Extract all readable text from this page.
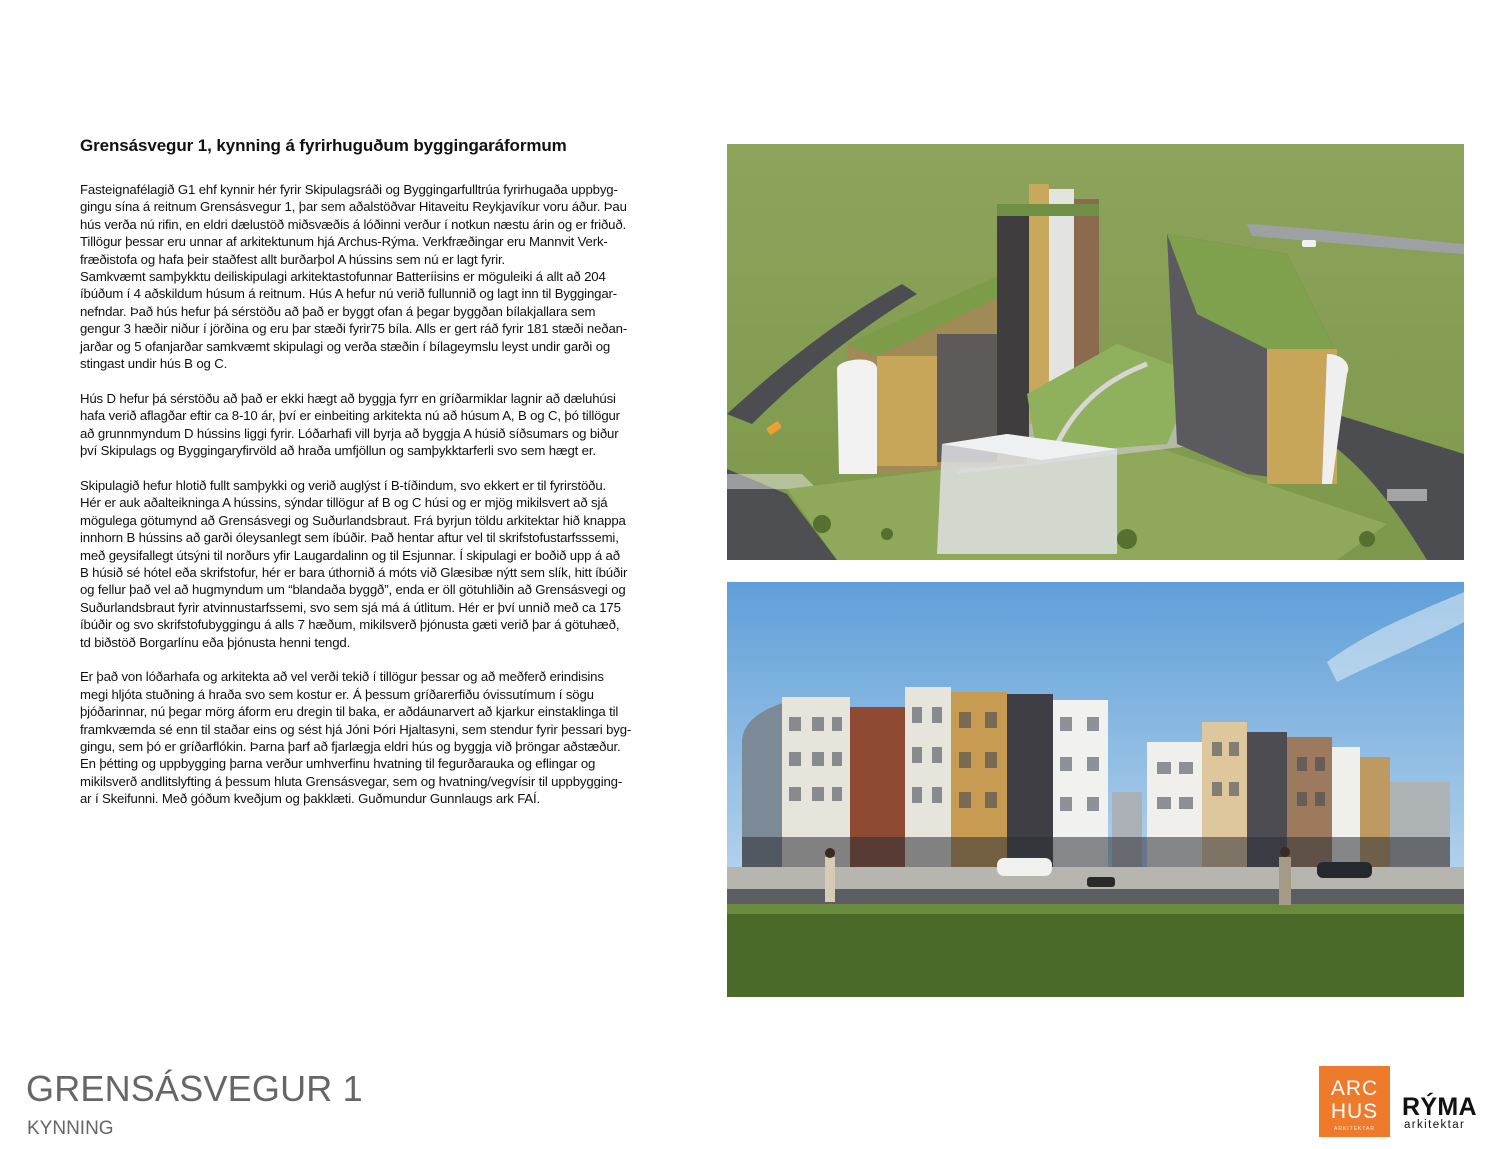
Grensásvegur 1, kynning á fyrirhuguðum byggingaráformum

Fasteignafélagið G1 ehf kynnir hér fyrir Skipulagsráði og Byggingarfulltrúa fyrirhugaða uppbyg-
gingu sína á reitnum Grensásvegur 1, þar sem aðalstöðvar Hitaveitu Reykjavíkur voru áður. Þau
hús verða nú rifin, en eldri dælustöð miðsvæðis á lóðinni verður í notkun næstu árin og er friðuð.
Tillögur þessar eru unnar af arkitektunum hjá Archus-Rýma. Verkfræðingar eru Mannvit Verk-
fræðistofa og hafa þeir staðfest allt burðarþol A hússins sem nú er lagt fyrir.
Samkvæmt samþykktu deiliskipulagi arkitektastofunnar Batteríisins er möguleiki á allt að 204
íbúðum í 4 aðskildum húsum á reitnum. Hús A hefur nú verið fullunnið og lagt inn til Byggingar-
nefndar. Það hús hefur þá sérstöðu að það er byggt ofan á þegar byggðan bílakjallara sem
gengur 3 hæðir niður í jörðina og eru þar stæði fyrir75 bíla. Alls er gert ráð fyrir 181 stæði neðan-
jarðar og 5 ofanjarðar samkvæmt skipulagi og verða stæðin í bílageymslu leyst undir garði og
stingast undir hús B og C.

Hús D hefur þá sérstöðu að það er ekki hægt að byggja fyrr en gríðarmiklar lagnir að dæluhúsi
hafa verið aflagðar eftir ca 8-10 ár, því er einbeiting arkitekta nú að húsum A, B og C, þó tillögur
að grunnmyndum D hússins liggi fyrir. Lóðarhafi vill byrja að byggja A húsið síðsumars og biður
því Skipulags og Byggingaryfirvöld að hraða umfjöllun og samþykktarferli svo sem hægt er.

Skipulagið hefur hlotið fullt samþykki og verið auglýst í B-tíðindum, svo ekkert er til fyrirstöðu.
Hér er auk aðalteikninga A hússins, sýndar tillögur af B og C húsi og er mjög mikilsvert að sjá
mögulega götumynd að Grensásvegi og Suðurlandsbraut. Frá byrjun töldu arkitektar hið knappa
innhorn B hússins að garði óleysanlegt sem íbúðir. Það hentar aftur vel til skrifstofustarfsssemi,
með geysifallegt útsýni til norðurs yfir Laugardalinn og til Esjunnar. Í skipulagi er boðið upp á að
B húsið sé hótel eða skrifstofur, hér er bara úthornið á móts við Glæsibæ nýtt sem slík, hitt íbúðir
og fellur það vel að hugmyndum um “blandaða byggð”, enda er öll götuhliðin að Grensásvegi og
Suðurlandsbraut fyrir atvinnustarfssemi, svo sem sjá má á útlitum. Hér er því unnið með ca 175
íbúðir og svo skrifstofubyggingu á alls 7 hæðum, mikilsverð þjónusta gæti verið þar á götuhæð,
td biðstöð Borgarlínu eða þjónusta henni tengd.

Er það von lóðarhafa og arkitekta að vel verði tekið í tillögur þessar og að meðferð erindisins
megi hljóta stuðning á hraða svo sem kostur er. Á þessum gríðarerfiðu óvissutímum í sögu
þjóðarinnar, nú þegar mörg áform eru dregin til baka, er aðdáunarvert að kjarkur einstaklinga til
framkvæmda sé enn til staðar eins og sést hjá Jóni Þóri Hjaltasyni, sem stendur fyrir þessari byg-
gingu, sem þó er gríðarflókin. Þarna þarf að fjarlægja eldri hús og byggja við þröngar aðstæður.
En þétting og uppbygging þarna verður umhverfinu hvatning til fegurðarauka og eflingar og
mikilsverð andlitslyfting á þessum hluta Grensásvegar, sem og hvatning/vegvísir til uppbygging-
ar í Skeifunni. Með góðum kveðjum og þakklæti. Guðmundur Gunnlaugs ark FAÍ.

GRENSÁSVEGUR 1
KYNNING
ARC
HUS
ARKITEKTAR
RÝMA
arkitektar
